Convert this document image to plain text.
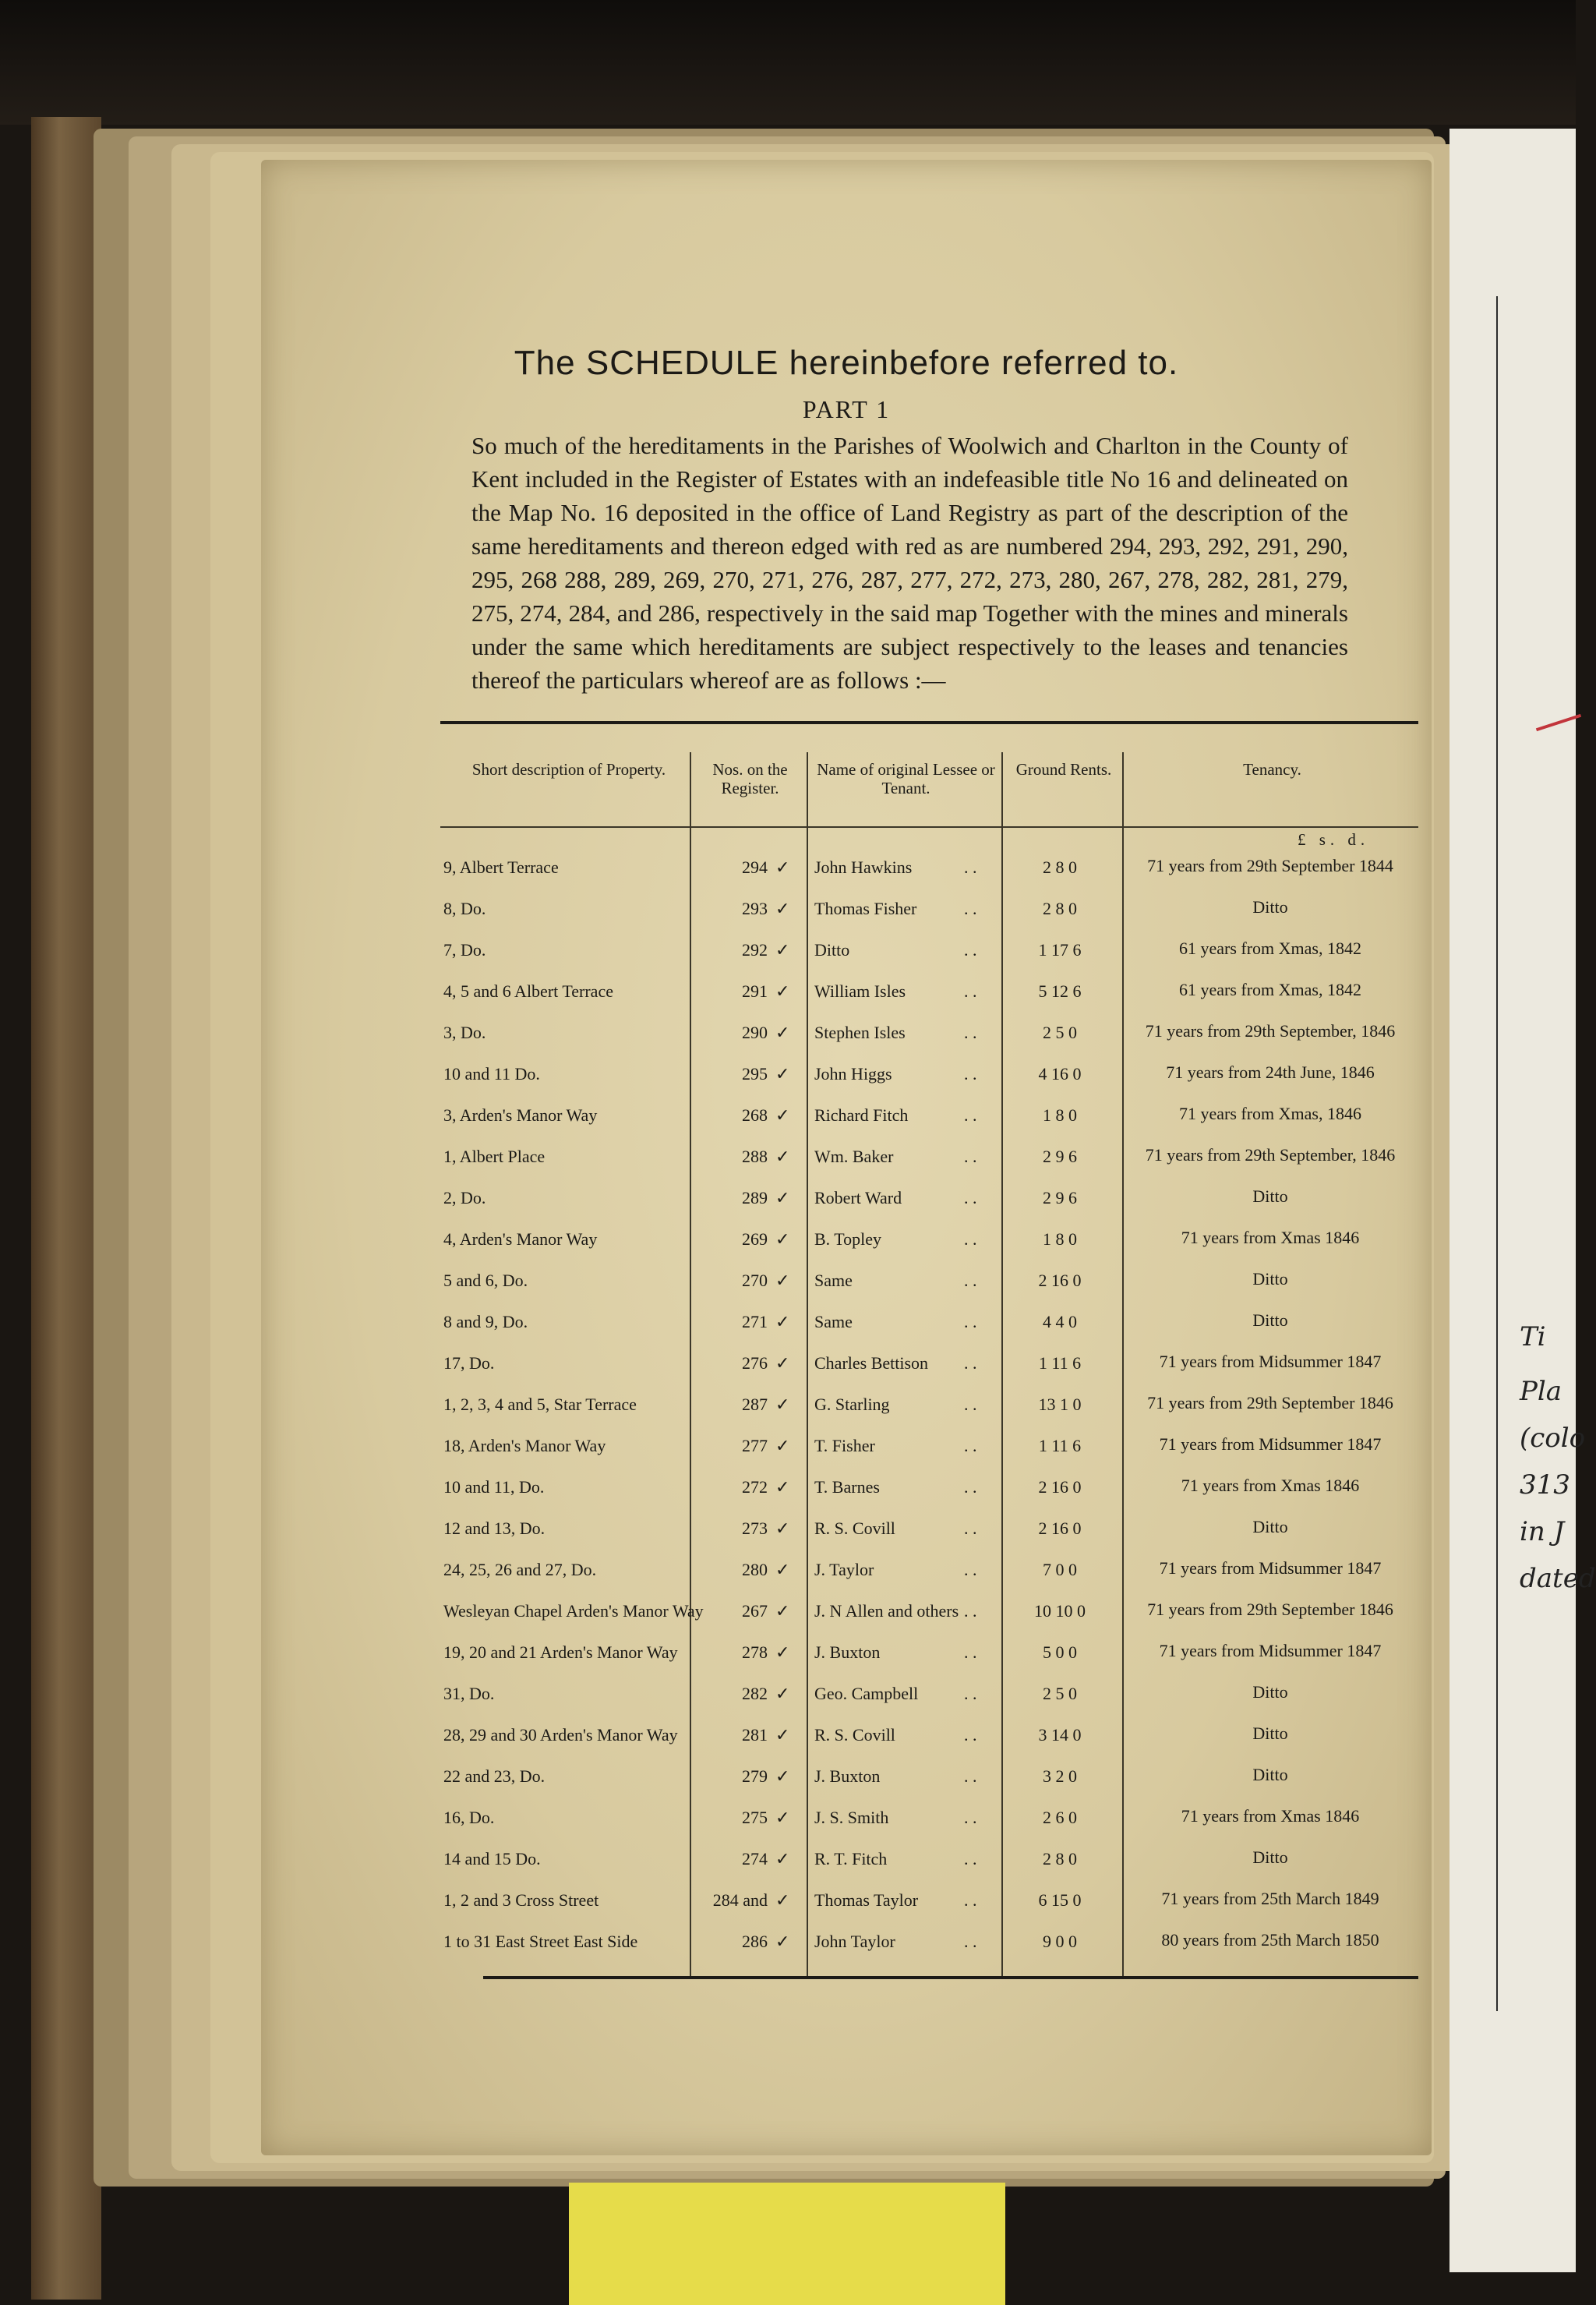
Ti
Pla
(colo
313
in J
dated
The SCHEDULE hereinbefore referred to.
PART 1
So much of the hereditaments in the Parishes of Woolwich and Charlton in the County of Kent included in the Register of Estates with an indefeasible title No 16 and delineated on the Map No. 16 deposited in the office of Land Registry as part of the description of the same hereditaments and thereon edged with red as are numbered 294, 293, 292, 291, 290, 295, 268 288, 289, 269, 270, 271, 276, 287, 277, 272, 273, 280, 267, 278, 282, 281, 279, 275, 274, 284, and 286, respectively in the said map Together with the mines and minerals under the same which hereditaments are subject respectively to the leases and tenancies thereof the particulars whereof are as follows :—
Short description of Property.	Nos. on the Register.
Name of original Lessee or Tenant.
Ground Rents.	Tenancy.
£ s. d.
9, Albert Terrace	294 ✓	John Hawkins	. .	2 8 0	71 years from 29th September 1844
8, Do.	293 ✓	Thomas Fisher	. .	2 8 0	Ditto
7, Do.	292 ✓	Ditto	. .	1 17 6	61 years from Xmas, 1842
4, 5 and 6 Albert Terrace	291 ✓	William Isles	. .	5 12 6	61 years from Xmas, 1842
3, Do.	290 ✓	Stephen Isles	. .	2 5 0	71 years from 29th September, 1846
10 and 11 Do.	295 ✓	John Higgs	. .	4 16 0	71 years from 24th June, 1846
3, Arden's Manor Way	268 ✓	Richard Fitch	. .	1 8 0	71 years from Xmas, 1846
1, Albert Place	288 ✓	Wm. Baker	. .	2 9 6	71 years from 29th September, 1846
2, Do.	289 ✓	Robert Ward	. .	2 9 6	Ditto
4, Arden's Manor Way	269 ✓	B. Topley	. .	1 8 0	71 years from Xmas 1846
5 and 6, Do.	270 ✓	Same	. .	2 16 0	Ditto
8 and 9, Do.	271 ✓	Same	. .	4 4 0	Ditto
17, Do.	276 ✓	Charles Bettison	. .	1 11 6	71 years from Midsummer 1847
1, 2, 3, 4 and 5, Star Terrace	287 ✓	G. Starling	. .	13 1 0	71 years from 29th September 1846
18, Arden's Manor Way	277 ✓	T. Fisher	. .	1 11 6	71 years from Midsummer 1847
10 and 11, Do.	272 ✓	T. Barnes	. .	2 16 0	71 years from Xmas 1846
12 and 13, Do.	273 ✓	R. S. Covill	. .	2 16 0	Ditto
24, 25, 26 and 27, Do.	280 ✓	J. Taylor	. .	7 0 0	71 years from Midsummer 1847
Wesleyan Chapel Arden's Manor Way	267 ✓	J. N Allen and others . .	10 10 0	71 years from 29th September 1846
19, 20 and 21 Arden's Manor Way	278 ✓	J. Buxton	. .	5 0 0	71 years from Midsummer 1847
31, Do.	282 ✓	Geo. Campbell	. .	2 5 0	Ditto
28, 29 and 30 Arden's Manor Way	281 ✓	R. S. Covill	. .	3 14 0	Ditto
22 and 23, Do.	279 ✓	J. Buxton	. .	3 2 0	Ditto
16, Do.	275 ✓	J. S. Smith	. .	2 6 0	71 years from Xmas 1846
14 and 15 Do.	274 ✓	R. T. Fitch	. .	2 8 0	Ditto
1, 2 and 3 Cross Street	284 and ✓	Thomas Taylor	. .	6 15 0	71 years from 25th March 1849
1 to 31 East Street East Side	286 ✓	John Taylor	. .	9 0 0	80 years from 25th March 1850
